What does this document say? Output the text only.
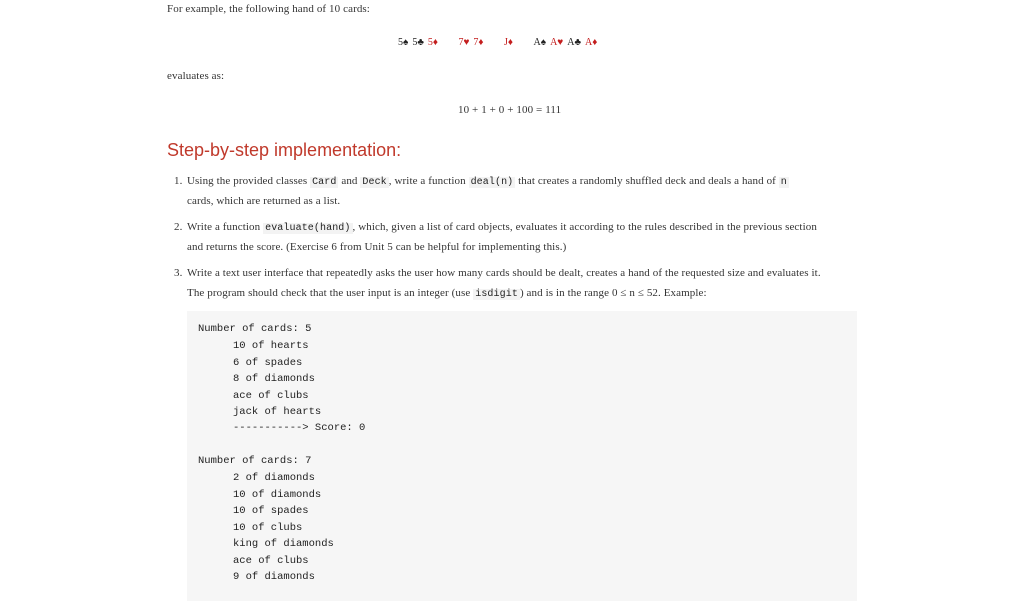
For example, the following hand of 10 cards:
5♠ 5♣ 5♦ 7♥ 7♦ J♦ A♠ A♥ A♣ A♦
evaluates as:
10 + 1 + 0 + 100 = 111
Step-by-step implementation:
1. Using the provided classes Card and Deck , write a function deal(n) that creates a randomly shuffled deck and deals a hand of n
cards, which are returned as a list.
2. Write a function evaluate(hand) , which, given a list of card objects, evaluates it according to the rules described in the previous section
and returns the score. (Exercise 6 from Unit 5 can be helpful for implementing this.)
3. Write a text user interface that repeatedly asks the user how many cards should be dealt, creates a hand of the requested size and evaluates it.
The program should check that the user input is an integer (use isdigit ) and is in the range 0 ≤ n ≤ 52. Example:
Number of cards: 5
10 of hearts
6 of spades
8 of diamonds
ace of clubs
jack of hearts
-----------> Score: 0
Number of cards: 7
2 of diamonds
10 of diamonds
10 of spades
10 of clubs
king of diamonds
ace of clubs
9 of diamonds
